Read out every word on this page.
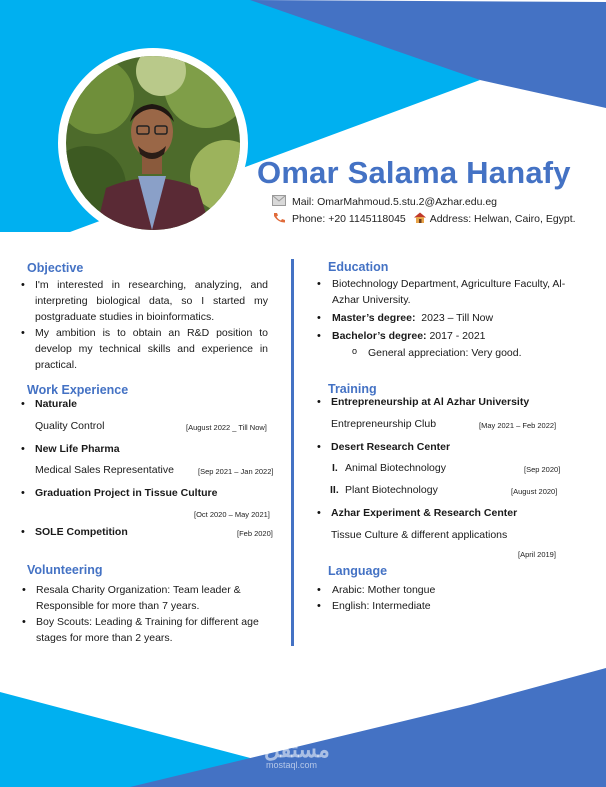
Omar Salama Hanafy
Mail: OmarMahmoud.5.stu.2@Azhar.edu.eg
Phone: +20 1145118045 Address: Helwan, Cairo, Egypt.
Objective
• I'm interested in researching, analyzing, and interpreting biological data, so I started my postgraduate studies in bioinformatics.
• My ambition is to obtain an R&D position to develop my technical skills and experience in practical.
Work Experience
• Naturale
Quality Control	[August 2022 _ Till Now]
• New Life Pharma
Medical Sales Representative	[Sep 2021 – Jan 2022]
• Graduation Project in Tissue Culture
[Oct 2020 – May 2021]
• SOLE Competition	[Feb 2020]
Volunteering
• Resala Charity Organization: Team leader & Responsible for more than 7 years.
• Boy Scouts: Leading & Training for different age stages for more than 2 years.
Education
• Biotechnology Department, Agriculture Faculty, Al-Azhar University.
• Master’s degree: 2023 – Till Now
• Bachelor’s degree: 2017 - 2021
o General appreciation: Very good.
Training
• Entrepreneurship at Al Azhar University
Entrepreneurship Club	[May 2021 – Feb 2022]
• Desert Research Center
I. Animal Biotechnology	[Sep 2020]
II. Plant Biotechnology	[August 2020]
• Azhar Experiment & Research Center
Tissue Culture & different applications
[April 2019]
Language
• Arabic: Mother tongue
• English: Intermediate
مستقل
mostaql.com
